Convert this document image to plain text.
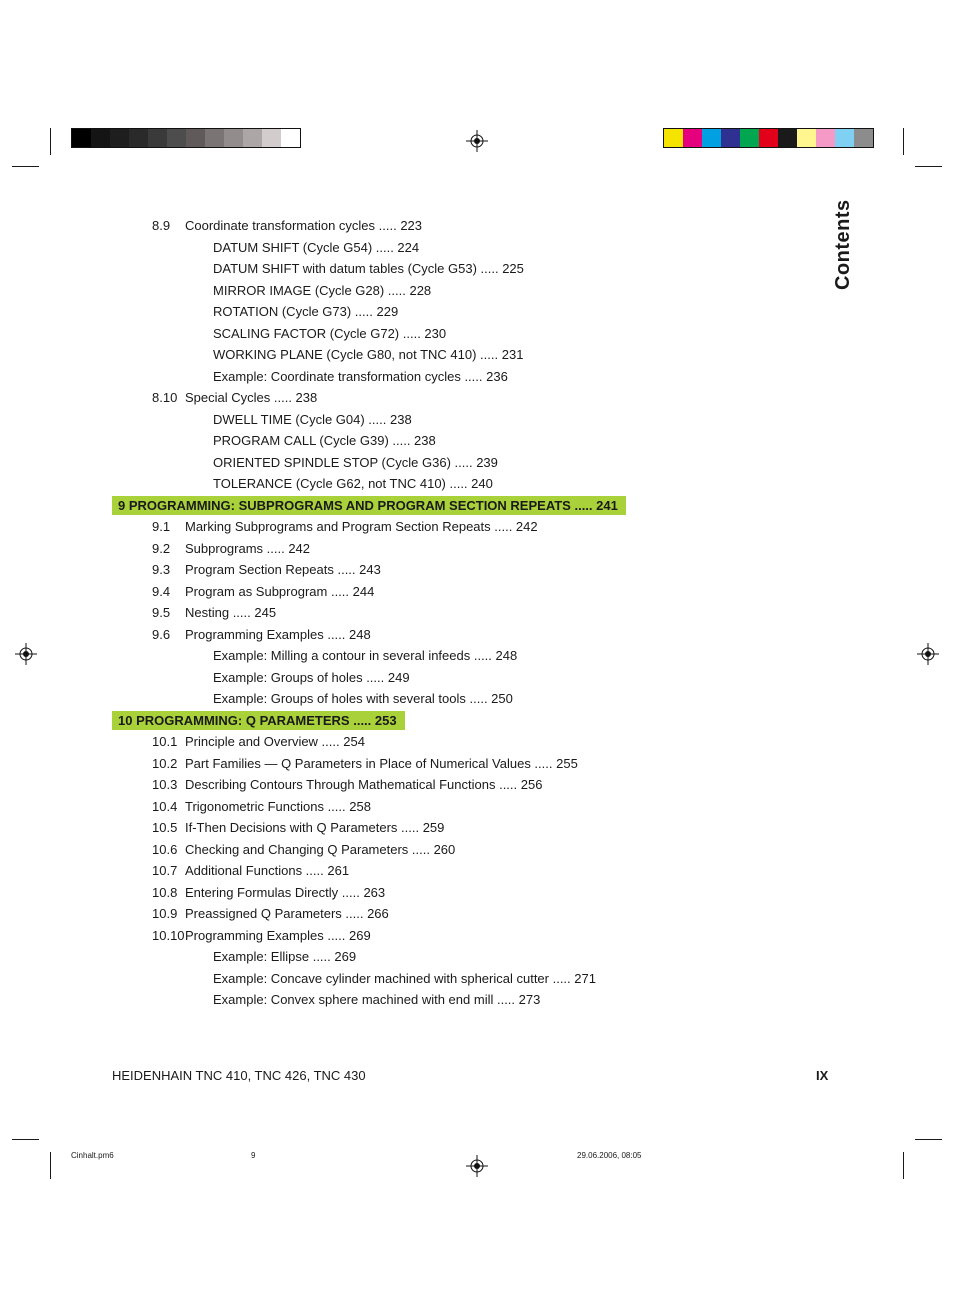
Contents
8.9 Coordinate transformation cycles ..... 223
DATUM SHIFT (Cycle G54) ..... 224
DATUM SHIFT with datum tables (Cycle G53) ..... 225
MIRROR IMAGE (Cycle G28) ..... 228
ROTATION (Cycle G73) ..... 229
SCALING FACTOR (Cycle G72) ..... 230
WORKING PLANE (Cycle G80, not TNC 410) ..... 231
Example: Coordinate transformation cycles ..... 236
8.10 Special Cycles ..... 238
DWELL TIME (Cycle G04) ..... 238
PROGRAM CALL (Cycle G39) ..... 238
ORIENTED SPINDLE STOP (Cycle G36) ..... 239
TOLERANCE (Cycle G62, not TNC 410) ..... 240
9 PROGRAMMING: SUBPROGRAMS AND PROGRAM SECTION REPEATS ..... 241
9.1 Marking Subprograms and Program Section Repeats ..... 242
9.2 Subprograms ..... 242
9.3 Program Section Repeats ..... 243
9.4 Program as Subprogram ..... 244
9.5 Nesting ..... 245
9.6 Programming Examples ..... 248
Example: Milling a contour in several infeeds ..... 248
Example: Groups of holes ..... 249
Example: Groups of holes with several tools ..... 250
10 PROGRAMMING: Q PARAMETERS ..... 253
10.1 Principle and Overview ..... 254
10.2 Part Families — Q Parameters in Place of Numerical Values ..... 255
10.3 Describing Contours Through Mathematical Functions ..... 256
10.4 Trigonometric Functions ..... 258
10.5 If-Then Decisions with Q Parameters ..... 259
10.6 Checking and Changing Q Parameters ..... 260
10.7 Additional Functions ..... 261
10.8 Entering Formulas Directly ..... 263
10.9 Preassigned Q Parameters ..... 266
10.10 Programming Examples ..... 269
Example: Ellipse ..... 269
Example: Concave cylinder machined with spherical cutter ..... 271
Example: Convex sphere machined with end mill ..... 273
HEIDENHAIN TNC 410, TNC 426, TNC 430	IX
Cinhalt.pm6	9	29.06.2006, 08:05
